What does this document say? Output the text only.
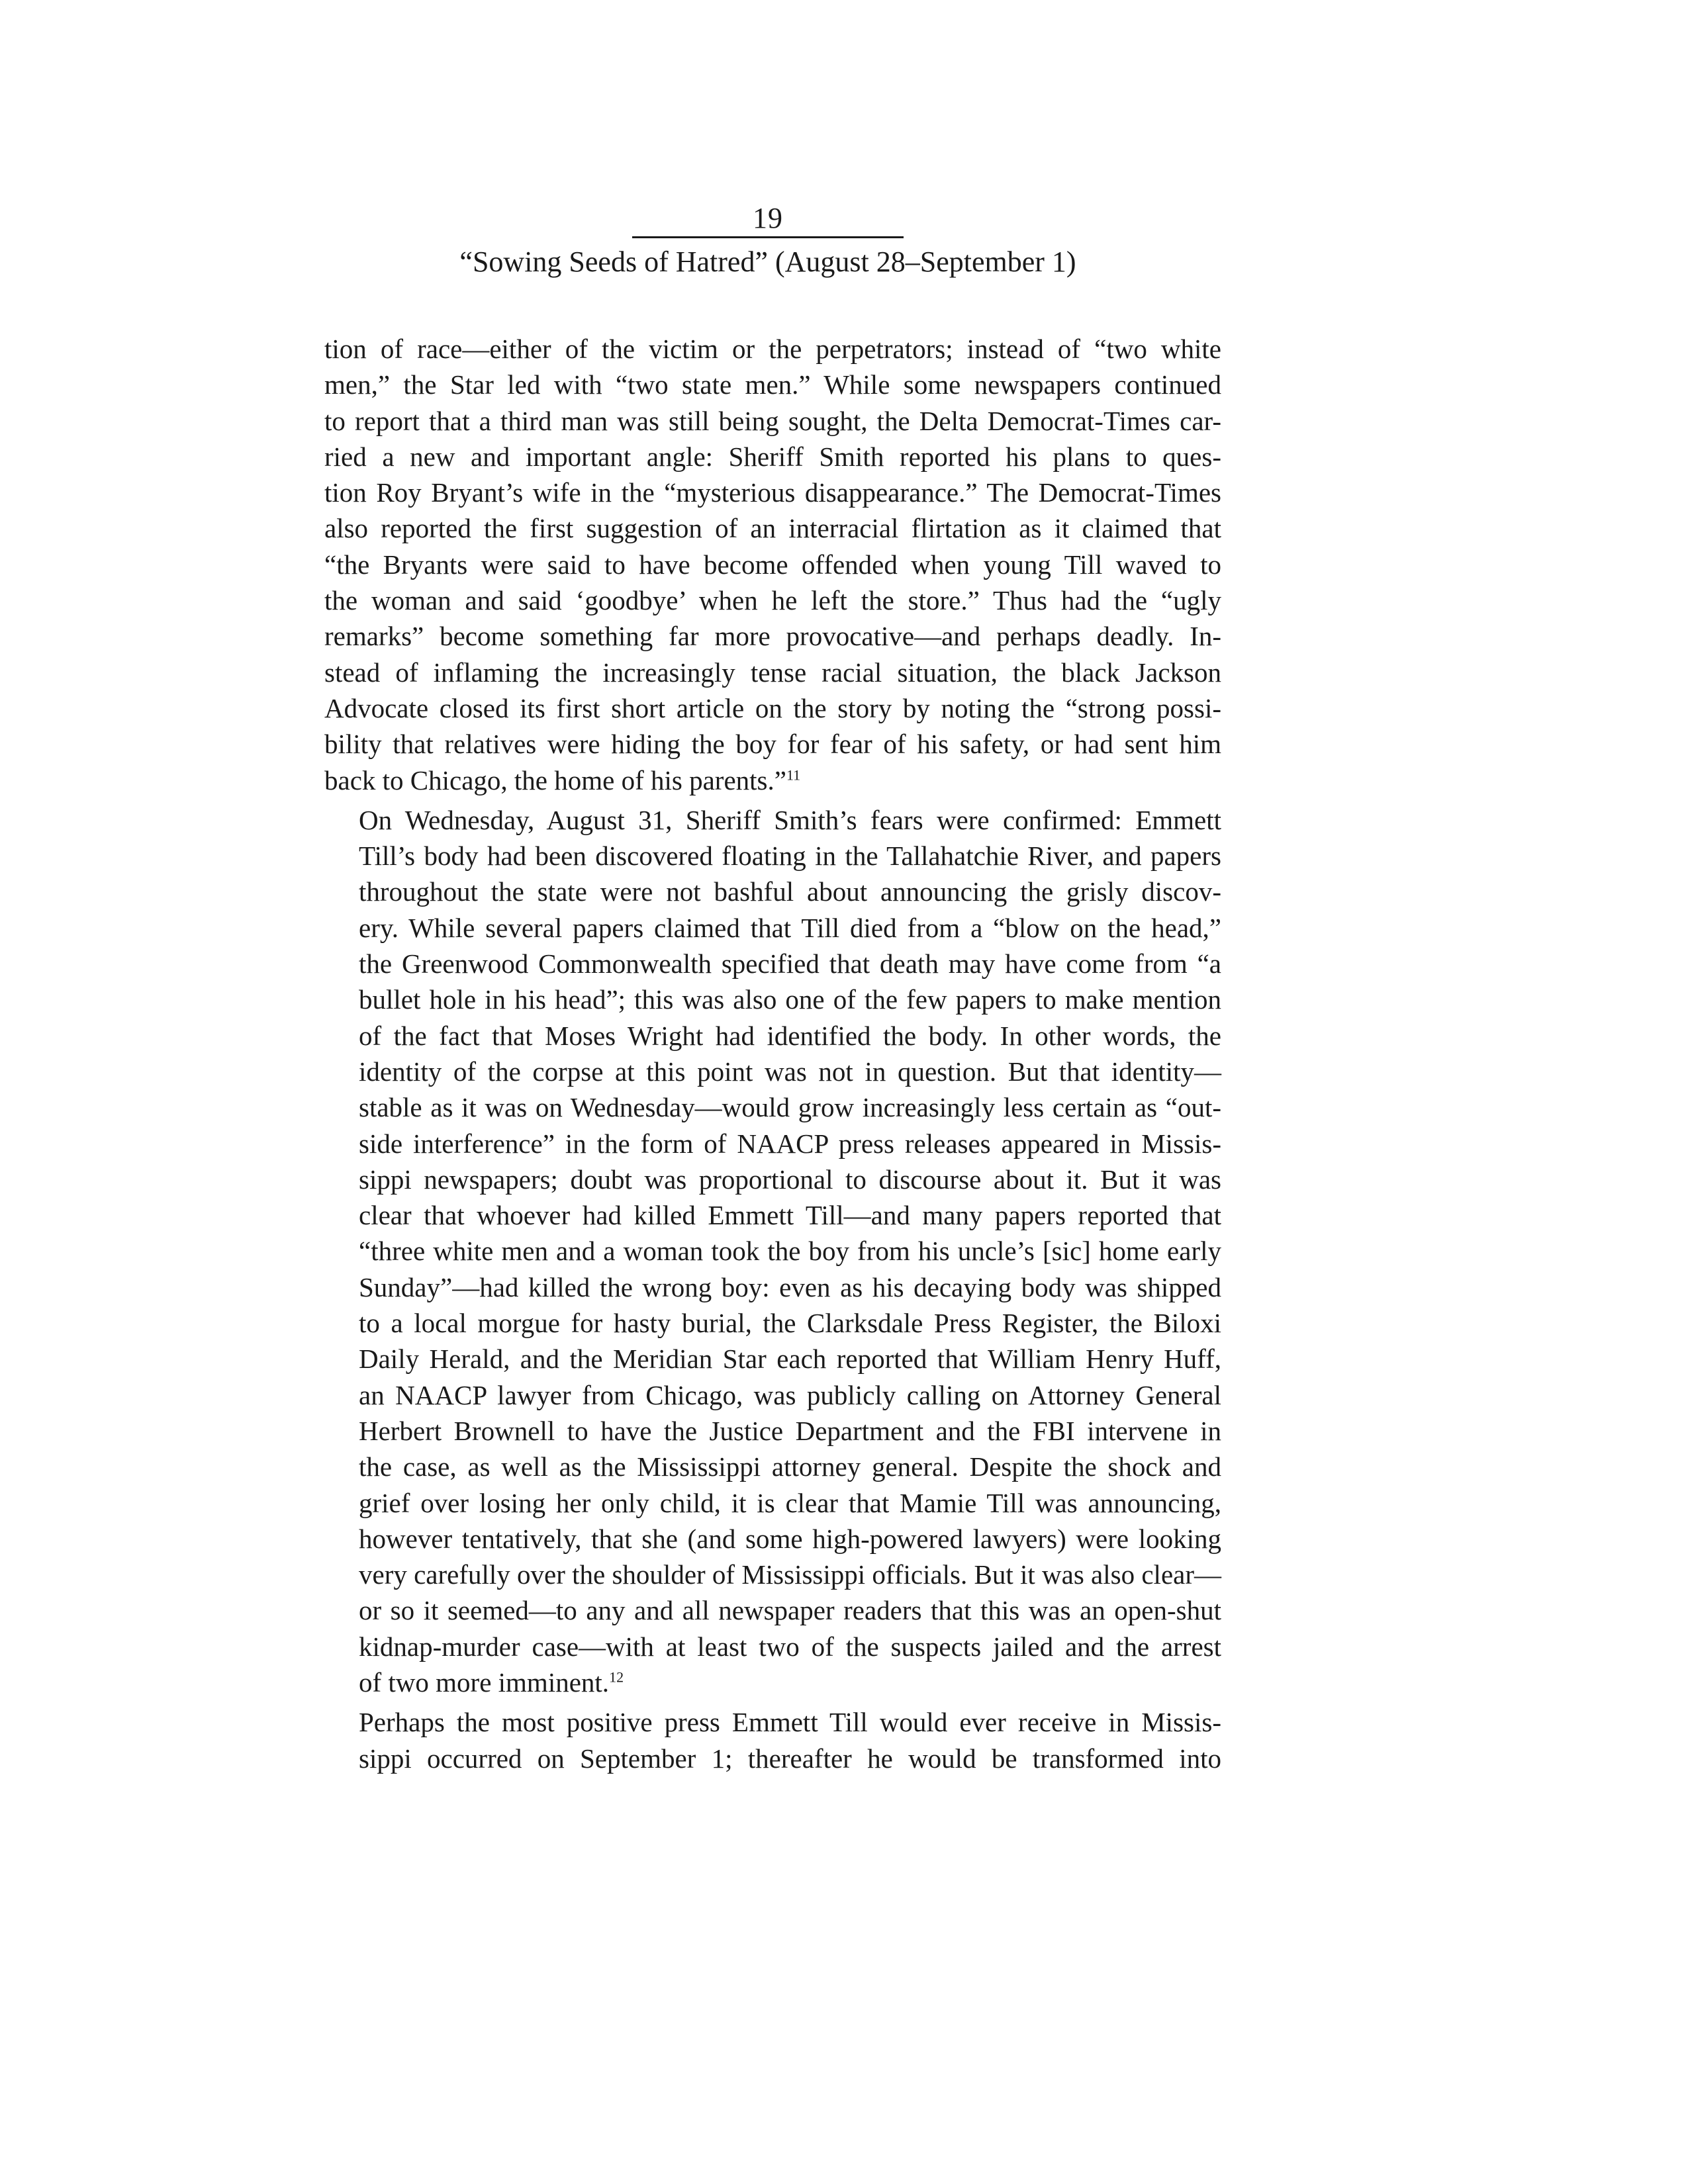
19
“Sowing Seeds of Hatred” (August 28–September 1)

tion of race—either of the victim or the perpetrators; instead of “two white
men,” the Star led with “two state men.” While some newspapers continued
to report that a third man was still being sought, the Delta Democrat-Times car-
ried a new and important angle: Sheriff Smith reported his plans to ques-
tion Roy Bryant’s wife in the “mysterious disappearance.” The Democrat-Times
also reported the first suggestion of an interracial flirtation as it claimed that
“the Bryants were said to have become offended when young Till waved to
the woman and said ‘goodbye’ when he left the store.” Thus had the “ugly
remarks” become something far more provocative—and perhaps deadly. In-
stead of inflaming the increasingly tense racial situation, the black Jackson
Advocate closed its first short article on the story by noting the “strong possi-
bility that relatives were hiding the boy for fear of his safety, or had sent him
back to Chicago, the home of his parents.”$^{11}$

On Wednesday, August 31, Sheriff Smith’s fears were confirmed: Emmett
Till’s body had been discovered floating in the Tallahatchie River, and papers
throughout the state were not bashful about announcing the grisly discov-
ery. While several papers claimed that Till died from a “blow on the head,”
the Greenwood Commonwealth specified that death may have come from “a
bullet hole in his head”; this was also one of the few papers to make mention
of the fact that Moses Wright had identified the body. In other words, the
identity of the corpse at this point was not in question. But that identity—
stable as it was on Wednesday—would grow increasingly less certain as “out-
side interference” in the form of NAACP press releases appeared in Missis-
sippi newspapers; doubt was proportional to discourse about it. But it was
clear that whoever had killed Emmett Till—and many papers reported that
“three white men and a woman took the boy from his uncle’s [sic] home early
Sunday”—had killed the wrong boy: even as his decaying body was shipped
to a local morgue for hasty burial, the Clarksdale Press Register, the Biloxi
Daily Herald, and the Meridian Star each reported that William Henry Huff,
an NAACP lawyer from Chicago, was publicly calling on Attorney General
Herbert Brownell to have the Justice Department and the FBI intervene in
the case, as well as the Mississippi attorney general. Despite the shock and
grief over losing her only child, it is clear that Mamie Till was announcing,
however tentatively, that she (and some high-powered lawyers) were looking
very carefully over the shoulder of Mississippi officials. But it was also clear—
or so it seemed—to any and all newspaper readers that this was an open-shut
kidnap-murder case—with at least two of the suspects jailed and the arrest
of two more imminent.$^{12}$

Perhaps the most positive press Emmett Till would ever receive in Missis-
sippi occurred on September 1; thereafter he would be transformed into
